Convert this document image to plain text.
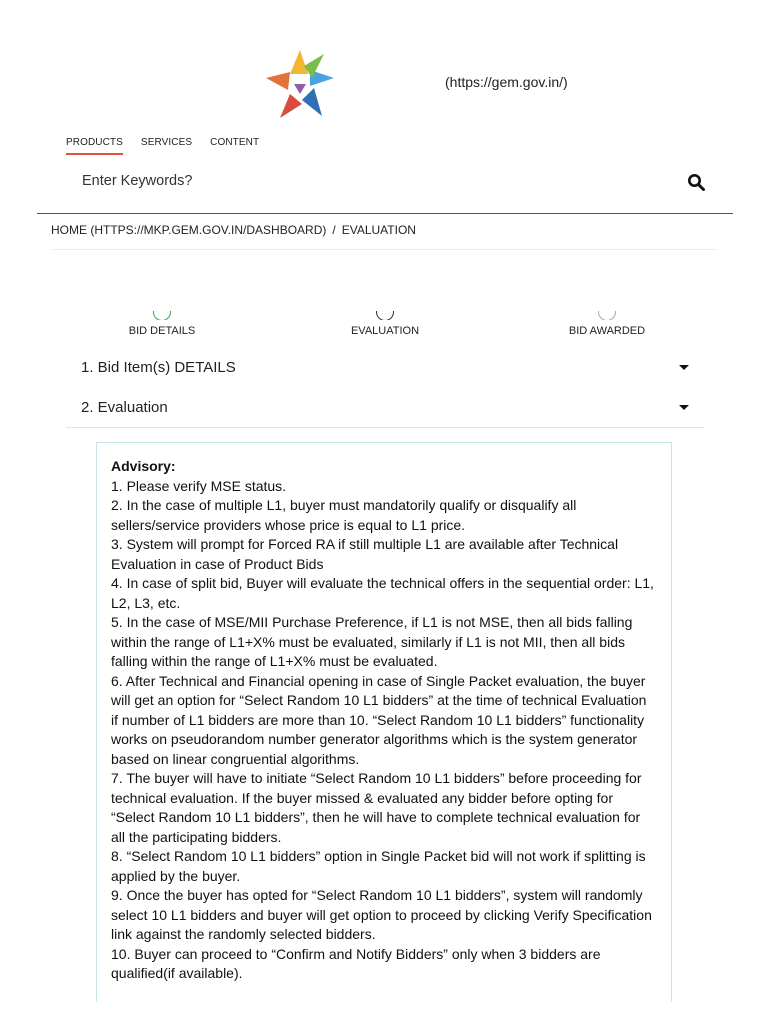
(https://gem.gov.in/)
PRODUCTS SERVICES CONTENT
Enter Keywords?
HOME (HTTPS://MKP.GEM.GOV.IN/DASHBOARD) / EVALUATION
BID DETAILS	EVALUATION	BID AWARDED
1. Bid Item(s) DETAILS
2. Evaluation

Advisory:

1. Please verify MSE status.

2. In the case of multiple L1, buyer must mandatorily qualify or disqualify all sellers/service providers whose price is equal to L1 price.

3. System will prompt for Forced RA if still multiple L1 are available after Technical Evaluation in case of Product Bids

4. In case of split bid, Buyer will evaluate the technical offers in the sequential order: L1, L2, L3, etc.

5. In the case of MSE/MII Purchase Preference, if L1 is not MSE, then all bids falling within the range of L1+X% must be evaluated, similarly if L1 is not MII, then all bids falling within the range of L1+X% must be evaluated.

6. After Technical and Financial opening in case of Single Packet evaluation, the buyer will get an option for “Select Random 10 L1 bidders” at the time of technical Evaluation if number of L1 bidders are more than 10. “Select Random 10 L1 bidders” functionality works on pseudorandom number generator algorithms which is the system generator based on linear congruential algorithms.

7. The buyer will have to initiate “Select Random 10 L1 bidders” before proceeding for technical evaluation. If the buyer missed & evaluated any bidder before opting for “Select Random 10 L1 bidders”, then he will have to complete technical evaluation for all the participating bidders.

8. “Select Random 10 L1 bidders” option in Single Packet bid will not work if splitting is applied by the buyer.

9. Once the buyer has opted for “Select Random 10 L1 bidders”, system will randomly select 10 L1 bidders and buyer will get option to proceed by clicking Verify Specification link against the randomly selected bidders.

10. Buyer can proceed to “Confirm and Notify Bidders” only when 3 bidders are qualified(if available).
